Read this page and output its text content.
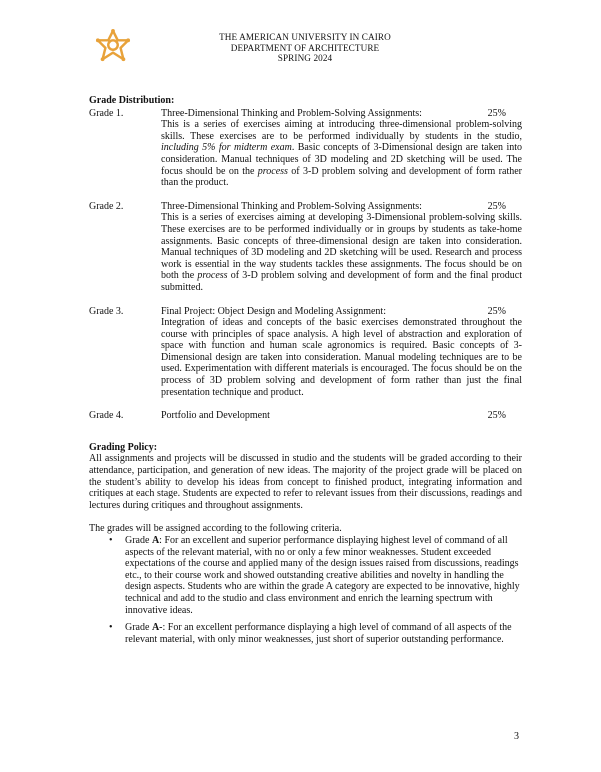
THE AMERICAN UNIVERSITY IN CAIRO
DEPARTMENT OF ARCHITECTURE
SPRING 2024

Grade Distribution:

Grade 1.	Three-Dimensional Thinking and Problem-Solving Assignments:	25%
This is a series of exercises aiming at introducing three-dimensional problem-solving skills. These exercises are to be performed individually by students in the studio, including 5% for midterm exam. Basic concepts of 3-Dimensional design are taken into consideration. Manual techniques of 3D modeling and 2D sketching will be used. The focus should be on the process of 3-D problem solving and development of form rather than the product.
Grade 2.	Three-Dimensional Thinking and Problem-Solving Assignments:	25%
This is a series of exercises aiming at developing 3-Dimensional problem-solving skills. These exercises are to be performed individually or in groups by students as take-home assignments. Basic concepts of three-dimensional design are taken into consideration. Manual techniques of 3D modeling and 2D sketching will be used. Research and process work is essential in the way students tackles these assignments. The focus should be on both the process of 3-D problem solving and development of form and the final product submitted.
Grade 3.	Final Project: Object Design and Modeling Assignment:	25%
Integration of ideas and concepts of the basic exercises demonstrated throughout the course with principles of space analysis. A high level of abstraction and exploration of space with function and human scale agronomics is required. Basic concepts of 3-Dimensional design are taken into consideration. Manual modeling techniques are to be used. Experimentation with different materials is encouraged. The focus should be on the process of 3D problem solving and development of form rather than just the final presentation technique and product.
Grade 4.	Portfolio and Development	25%

Grading Policy:

All assignments and projects will be discussed in studio and the students will be graded according to their attendance, participation, and generation of new ideas. The majority of the project grade will be placed on the student’s ability to develop his ideas from concept to finished product, integrating information and critiques at each stage. Students are expected to refer to relevant issues from their discussions, readings and lectures during critiques and throughout assignments.

The grades will be assigned according to the following criteria.

• Grade A: For an excellent and superior performance displaying highest level of command of all aspects of the relevant material, with no or only a few minor weaknesses. Student exceeded expectations of the course and applied many of the design issues raised from discussions, readings etc., to their course work and showed outstanding creative abilities and novelty in handling the design aspects. Students who are within the grade A category are expected to be innovative, highly technical and add to the studio and class environment and enrich the learning spectrum with innovative ideas.
• Grade A-: For an excellent performance displaying a high level of command of all aspects of the relevant material, with only minor weaknesses, just short of superior outstanding performance.
3
